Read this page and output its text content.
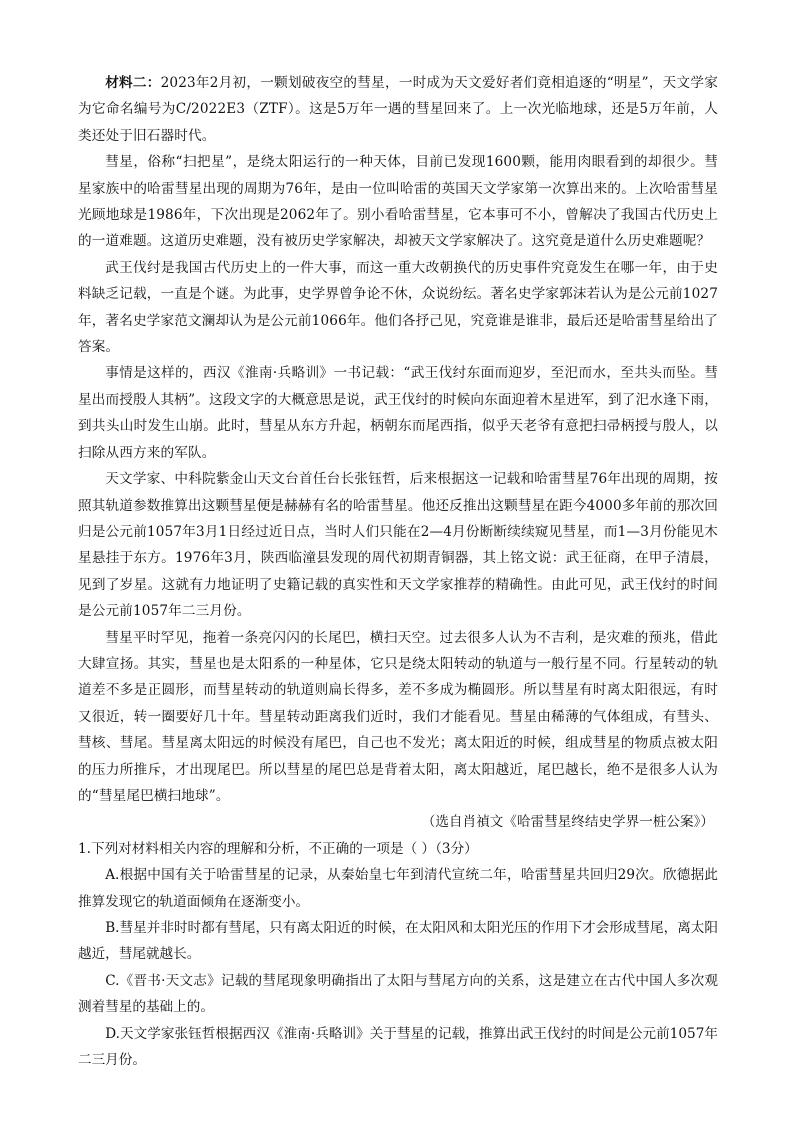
材料二：2023年2月初，一颗划破夜空的彗星，一时成为天文爱好者们竟相追逐的“明星”，天文学家为它命名编号为C/2022E3（ZTF）。这是5万年一遇的彗星回来了。上一次光临地球，还是5万年前，人类还处于旧石器时代。

彗星，俗称“扫把星”，是绕太阳运行的一种天体，目前已发现1600颗，能用肉眼看到的却很少。彗星家族中的哈雷彗星出现的周期为76年，是由一位叫哈雷的英国天文学家第一次算出来的。上次哈雷彗星光顾地球是1986年，下次出现是2062年了。别小看哈雷彗星，它本事可不小，曾解决了我国古代历史上的一道难题。这道历史难题，没有被历史学家解决，却被天文学家解决了。这究竟是道什么历史难题呢？

武王伐纣是我国古代历史上的一件大事，而这一重大改朝换代的历史事件究竟发生在哪一年，由于史料缺乏记载，一直是个谜。为此事，史学界曾争论不休，众说纷纭。著名史学家郭沫若认为是公元前1027年，著名史学家范文澜却认为是公元前1066年。他们各抒己见，究竟谁是谁非，最后还是哈雷彗星给出了答案。

事情是这样的，西汉《淮南·兵略训》一书记载：“武王伐纣东面而迎岁，至汜而水，至共头而坠。彗星出而授殷人其柄”。这段文字的大概意思是说，武王伐纣的时候向东面迎着木星进军，到了汜水逢下雨，到共头山时发生山崩。此时，彗星从东方升起，柄朝东而尾西指，似乎天老爷有意把扫帚柄授与殷人，以扫除从西方来的军队。

天文学家、中科院紫金山天文台首任台长张钰哲，后来根据这一记载和哈雷彗星76年出现的周期，按照其轨道参数推算出这颗彗星便是赫赫有名的哈雷彗星。他还反推出这颗彗星在距今4000多年前的那次回归是公元前1057年3月1日经过近日点，当时人们只能在2—4月份断断续续窥见彗星，而1—3月份能见木星悬挂于东方。1976年3月，陕西临潼县发现的周代初期青铜器，其上铭文说：武王征商，在甲子清晨，见到了岁星。这就有力地证明了史籍记载的真实性和天文学家推荐的精确性。由此可见，武王伐纣的时间是公元前1057年二三月份。

彗星平时罕见，拖着一条亮闪闪的长尾巴，横扫天空。过去很多人认为不吉利，是灾难的预兆，借此大肆宣扬。其实，彗星也是太阳系的一种星体，它只是绕太阳转动的轨道与一般行星不同。行星转动的轨道差不多是正圆形，而彗星转动的轨道则扁长得多，差不多成为椭圆形。所以彗星有时离太阳很远，有时又很近，转一圈要好几十年。彗星转动距离我们近时，我们才能看见。彗星由稀薄的气体组成，有彗头、彗核、彗尾。彗星离太阳远的时候没有尾巴，自己也不发光；离太阳近的时候，组成彗星的物质点被太阳的压力所推斥，才出现尾巴。所以彗星的尾巴总是背着太阳，离太阳越近，尾巴越长，绝不是很多人认为的“彗星尾巴横扫地球”。

（选自肖禎文《哈雷彗星终结史学界一桩公案》）

1.下列对材料相关内容的理解和分析，不正确的一项是（ ）（3分）

A.根据中国有关于哈雷彗星的记录，从秦始皇七年到清代宣统二年，哈雷彗星共回归29次。欣德据此推算发现它的轨道面倾角在逐渐变小。

B.彗星并非时时都有彗尾，只有离太阳近的时候，在太阳风和太阳光压的作用下才会形成彗尾，离太阳越近，彗尾就越长。

C.《晋书·天文志》记载的彗尾现象明确指出了太阳与彗尾方向的关系，这是建立在古代中国人多次观测着彗星的基础上的。

D.天文学家张钰哲根据西汉《淮南·兵略训》关于彗星的记载，推算出武王伐纣的时间是公元前1057年二三月份。
